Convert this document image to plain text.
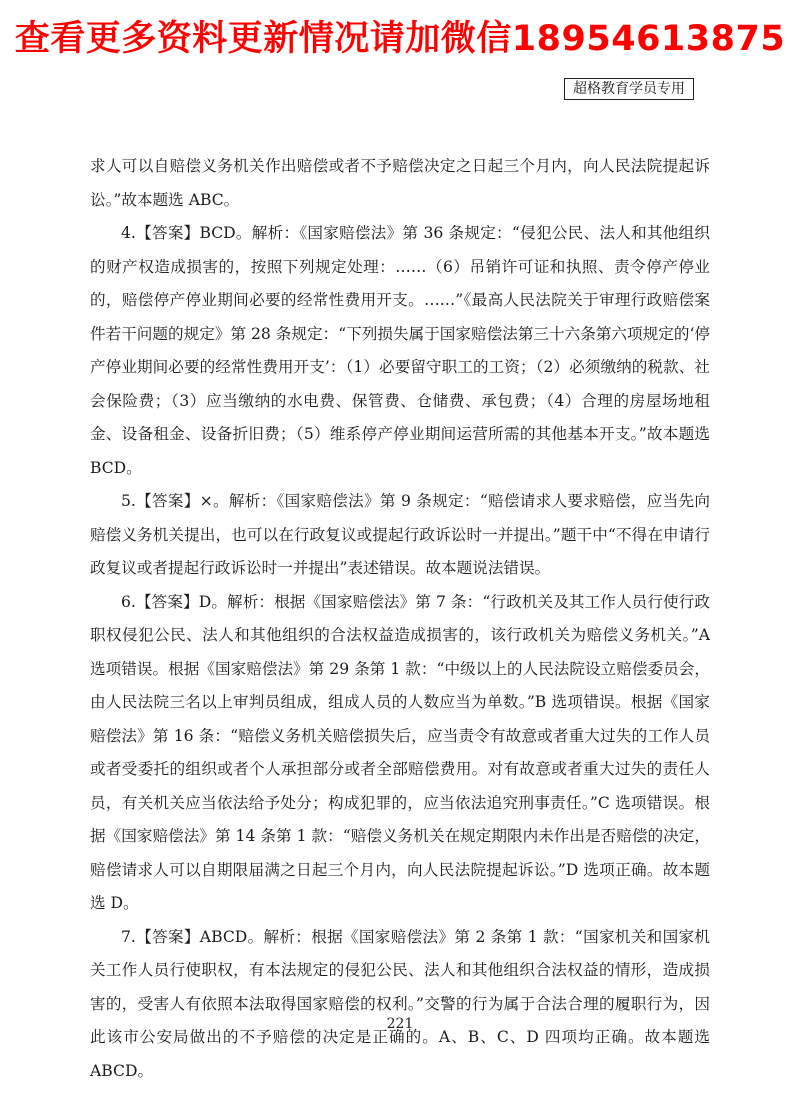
查看更多资料更新情况请加微信18954613875
超格教育学员专用

求人可以自赔偿义务机关作出赔偿或者不予赔偿决定之日起三个月内，向人民法院提起诉讼。”故本题选 ABC。

4.【答案】BCD。解析：《国家赔偿法》第 36 条规定：“侵犯公民、法人和其他组织的财产权造成损害的，按照下列规定处理：……（6）吊销许可证和执照、责令停产停业的，赔偿停产停业期间必要的经常性费用开支。……”《最高人民法院关于审理行政赔偿案件若干问题的规定》第 28 条规定：“下列损失属于国家赔偿法第三十六条第六项规定的‘停产停业期间必要的经常性费用开支’：（1）必要留守职工的工资；（2）必须缴纳的税款、社会保险费；（3）应当缴纳的水电费、保管费、仓储费、承包费；（4）合理的房屋场地租金、设备租金、设备折旧费；（5）维系停产停业期间运营所需的其他基本开支。”故本题选 BCD。

5.【答案】×。解析：《国家赔偿法》第 9 条规定：“赔偿请求人要求赔偿，应当先向赔偿义务机关提出，也可以在行政复议或提起行政诉讼时一并提出。”题干中“不得在申请行政复议或者提起行政诉讼时一并提出”表述错误。故本题说法错误。

6.【答案】D。解析：根据《国家赔偿法》第 7 条：“行政机关及其工作人员行使行政职权侵犯公民、法人和其他组织的合法权益造成损害的，该行政机关为赔偿义务机关。”A 选项错误。根据《国家赔偿法》第 29 条第 1 款：“中级以上的人民法院设立赔偿委员会，由人民法院三名以上审判员组成，组成人员的人数应当为单数。”B 选项错误。根据《国家赔偿法》第 16 条：“赔偿义务机关赔偿损失后，应当责令有故意或者重大过失的工作人员或者受委托的组织或者个人承担部分或者全部赔偿费用。对有故意或者重大过失的责任人员，有关机关应当依法给予处分；构成犯罪的，应当依法追究刑事责任。”C 选项错误。根据《国家赔偿法》第 14 条第 1 款：“赔偿义务机关在规定期限内未作出是否赔偿的决定，赔偿请求人可以自期限届满之日起三个月内，向人民法院提起诉讼。”D 选项正确。故本题选 D。

7.【答案】ABCD。解析：根据《国家赔偿法》第 2 条第 1 款：“国家机关和国家机关工作人员行使职权，有本法规定的侵犯公民、法人和其他组织合法权益的情形，造成损害的，受害人有依照本法取得国家赔偿的权利。”交警的行为属于合法合理的履职行为，因此该市公安局做出的不予赔偿的决定是正确的。A、B、C、D 四项均正确。故本题选 ABCD。

221
